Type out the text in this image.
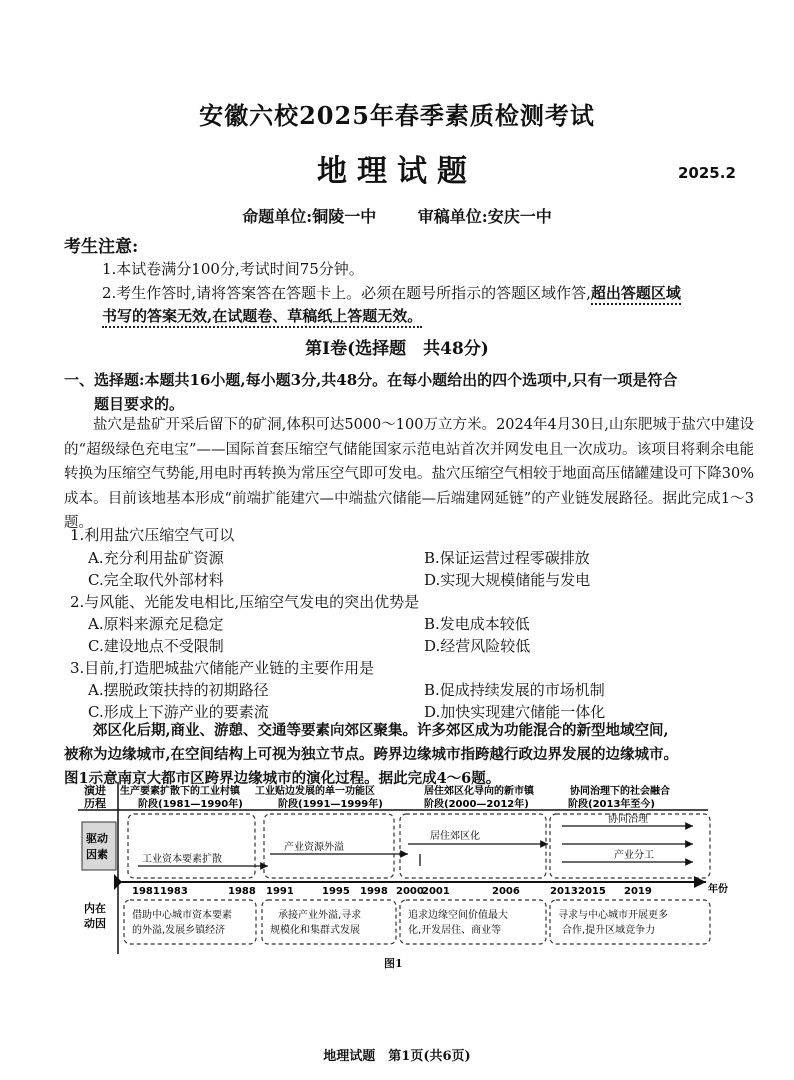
安徽六校2025年春季素质检测考试
地理试题	2025.2
命题单位:铜陵一中	审稿单位:安庆一中
考生注意:
1.本试卷满分100分,考试时间75分钟。
2.考生作答时,请将答案答在答题卡上。必须在题号所指示的答题区域作答,超出答题区域
书写的答案无效,在试题卷、草稿纸上答题无效。
第Ⅰ卷(选择题　共48分)
一、选择题:本题共16小题,每小题3分,共48分。在每小题给出的四个选项中,只有一项是符合
题目要求的。

盐穴是盐矿开采后留下的矿洞,体积可达5000～100万立方米。2024年4月30日,山东肥城于盐穴中建设的“超级绿色充电宝”——国际首套压缩空气储能国家示范电站首次并网发电且一次成功。该项目将剩余电能转换为压缩空气势能,用电时再转换为常压空气即可发电。盐穴压缩空气相较于地面高压储罐建设可下降30%成本。目前该地基本形成“前端扩能建穴—中端盐穴储能—后端建网延链”的产业链发展路径。据此完成1～3题。

1.利用盐穴压缩空气可以
A.充分利用盐矿资源	B.保证运营过程零碳排放
C.完全取代外部材料	D.实现大规模储能与发电
2.与风能、光能发电相比,压缩空气发电的突出优势是
A.原料来源充足稳定	B.发电成本较低
C.建设地点不受限制	D.经营风险较低
3.目前,打造肥城盐穴储能产业链的主要作用是
A.摆脱政策扶持的初期路径	B.促成持续发展的市场机制
C.形成上下游产业的要素流	D.加快实现建穴储能一体化

郊区化后期,商业、游憩、交通等要素向郊区聚集。许多郊区成为功能混合的新型地域空间,

被称为边缘城市,在空间结构上可视为独立节点。跨界边缘城市指跨越行政边界发展的边缘城市。
图1示意南京大都市区跨界边缘城市的演化过程。据此完成4～6题。
演进
历程
驱动
因素
内在
动因
生产要素扩散下的工业村镇
阶段(1981—1990年)
工业贴边发展的单一功能区
阶段(1991—1999年)
居住郊区化导向的新市镇
阶段(2000—2012年)
协同治理下的社会融合
阶段(2013年至今)
工业资本要素扩散
产业资源外溢
居住郊区化
协同治理
产业分工
1981 1983	1988 1991	1995 1998 2000
2001	2006	2013 2015 2019	年份
借助中心城市资本要素
的外溢,发展乡镇经济
承接产业外溢,寻求
规模化和集群式发展
追求边缘空间价值最大
化,开发居住、商业等
寻求与中心城市开展更多
合作,提升区域竞争力
图1
地理试题　第1页(共6页)
